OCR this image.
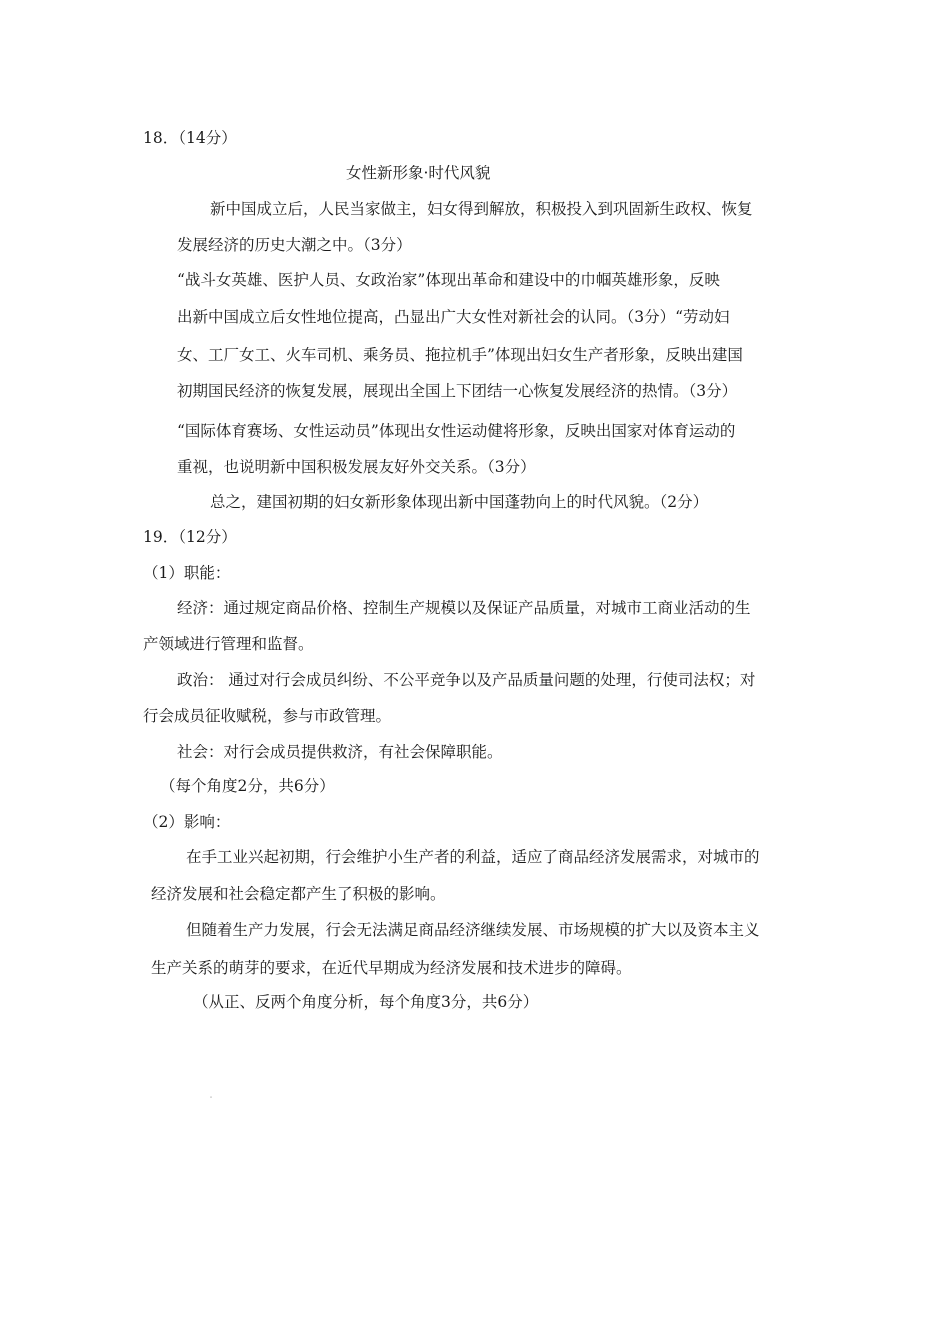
18．（14分）
女性新形象·时代风貌
新中国成立后，人民当家做主，妇女得到解放，积极投入到巩固新生政权、恢复
发展经济的历史大潮之中。（3分）
“战斗女英雄、医护人员、女政治家”体现出革命和建设中的巾帼英雄形象，反映
出新中国成立后女性地位提高，凸显出广大女性对新社会的认同。（3分）“劳动妇
女、工厂女工、火车司机、乘务员、拖拉机手”体现出妇女生产者形象，反映出建国
初期国民经济的恢复发展，展现出全国上下团结一心恢复发展经济的热情。（3分）
“国际体育赛场、女性运动员”体现出女性运动健将形象，反映出国家对体育运动的
重视，也说明新中国积极发展友好外交关系。（3分）
总之，建国初期的妇女新形象体现出新中国蓬勃向上的时代风貌。（2分）
19．（12分）
（1）职能：
经济：通过规定商品价格、控制生产规模以及保证产品质量，对城市工商业活动的生
产领域进行管理和监督。
政治： 通过对行会成员纠纷、不公平竞争以及产品质量问题的处理，行使司法权；对
行会成员征收赋税，参与市政管理。
社会：对行会成员提供救济，有社会保障职能。
（每个角度2分，共6分）
（2）影响：
在手工业兴起初期，行会维护小生产者的利益，适应了商品经济发展需求，对城市的
经济发展和社会稳定都产生了积极的影响。
但随着生产力发展，行会无法满足商品经济继续发展、市场规模的扩大以及资本主义
生产关系的萌芽的要求，在近代早期成为经济发展和技术进步的障碍。
（从正、反两个角度分析，每个角度3分，共6分）
"
